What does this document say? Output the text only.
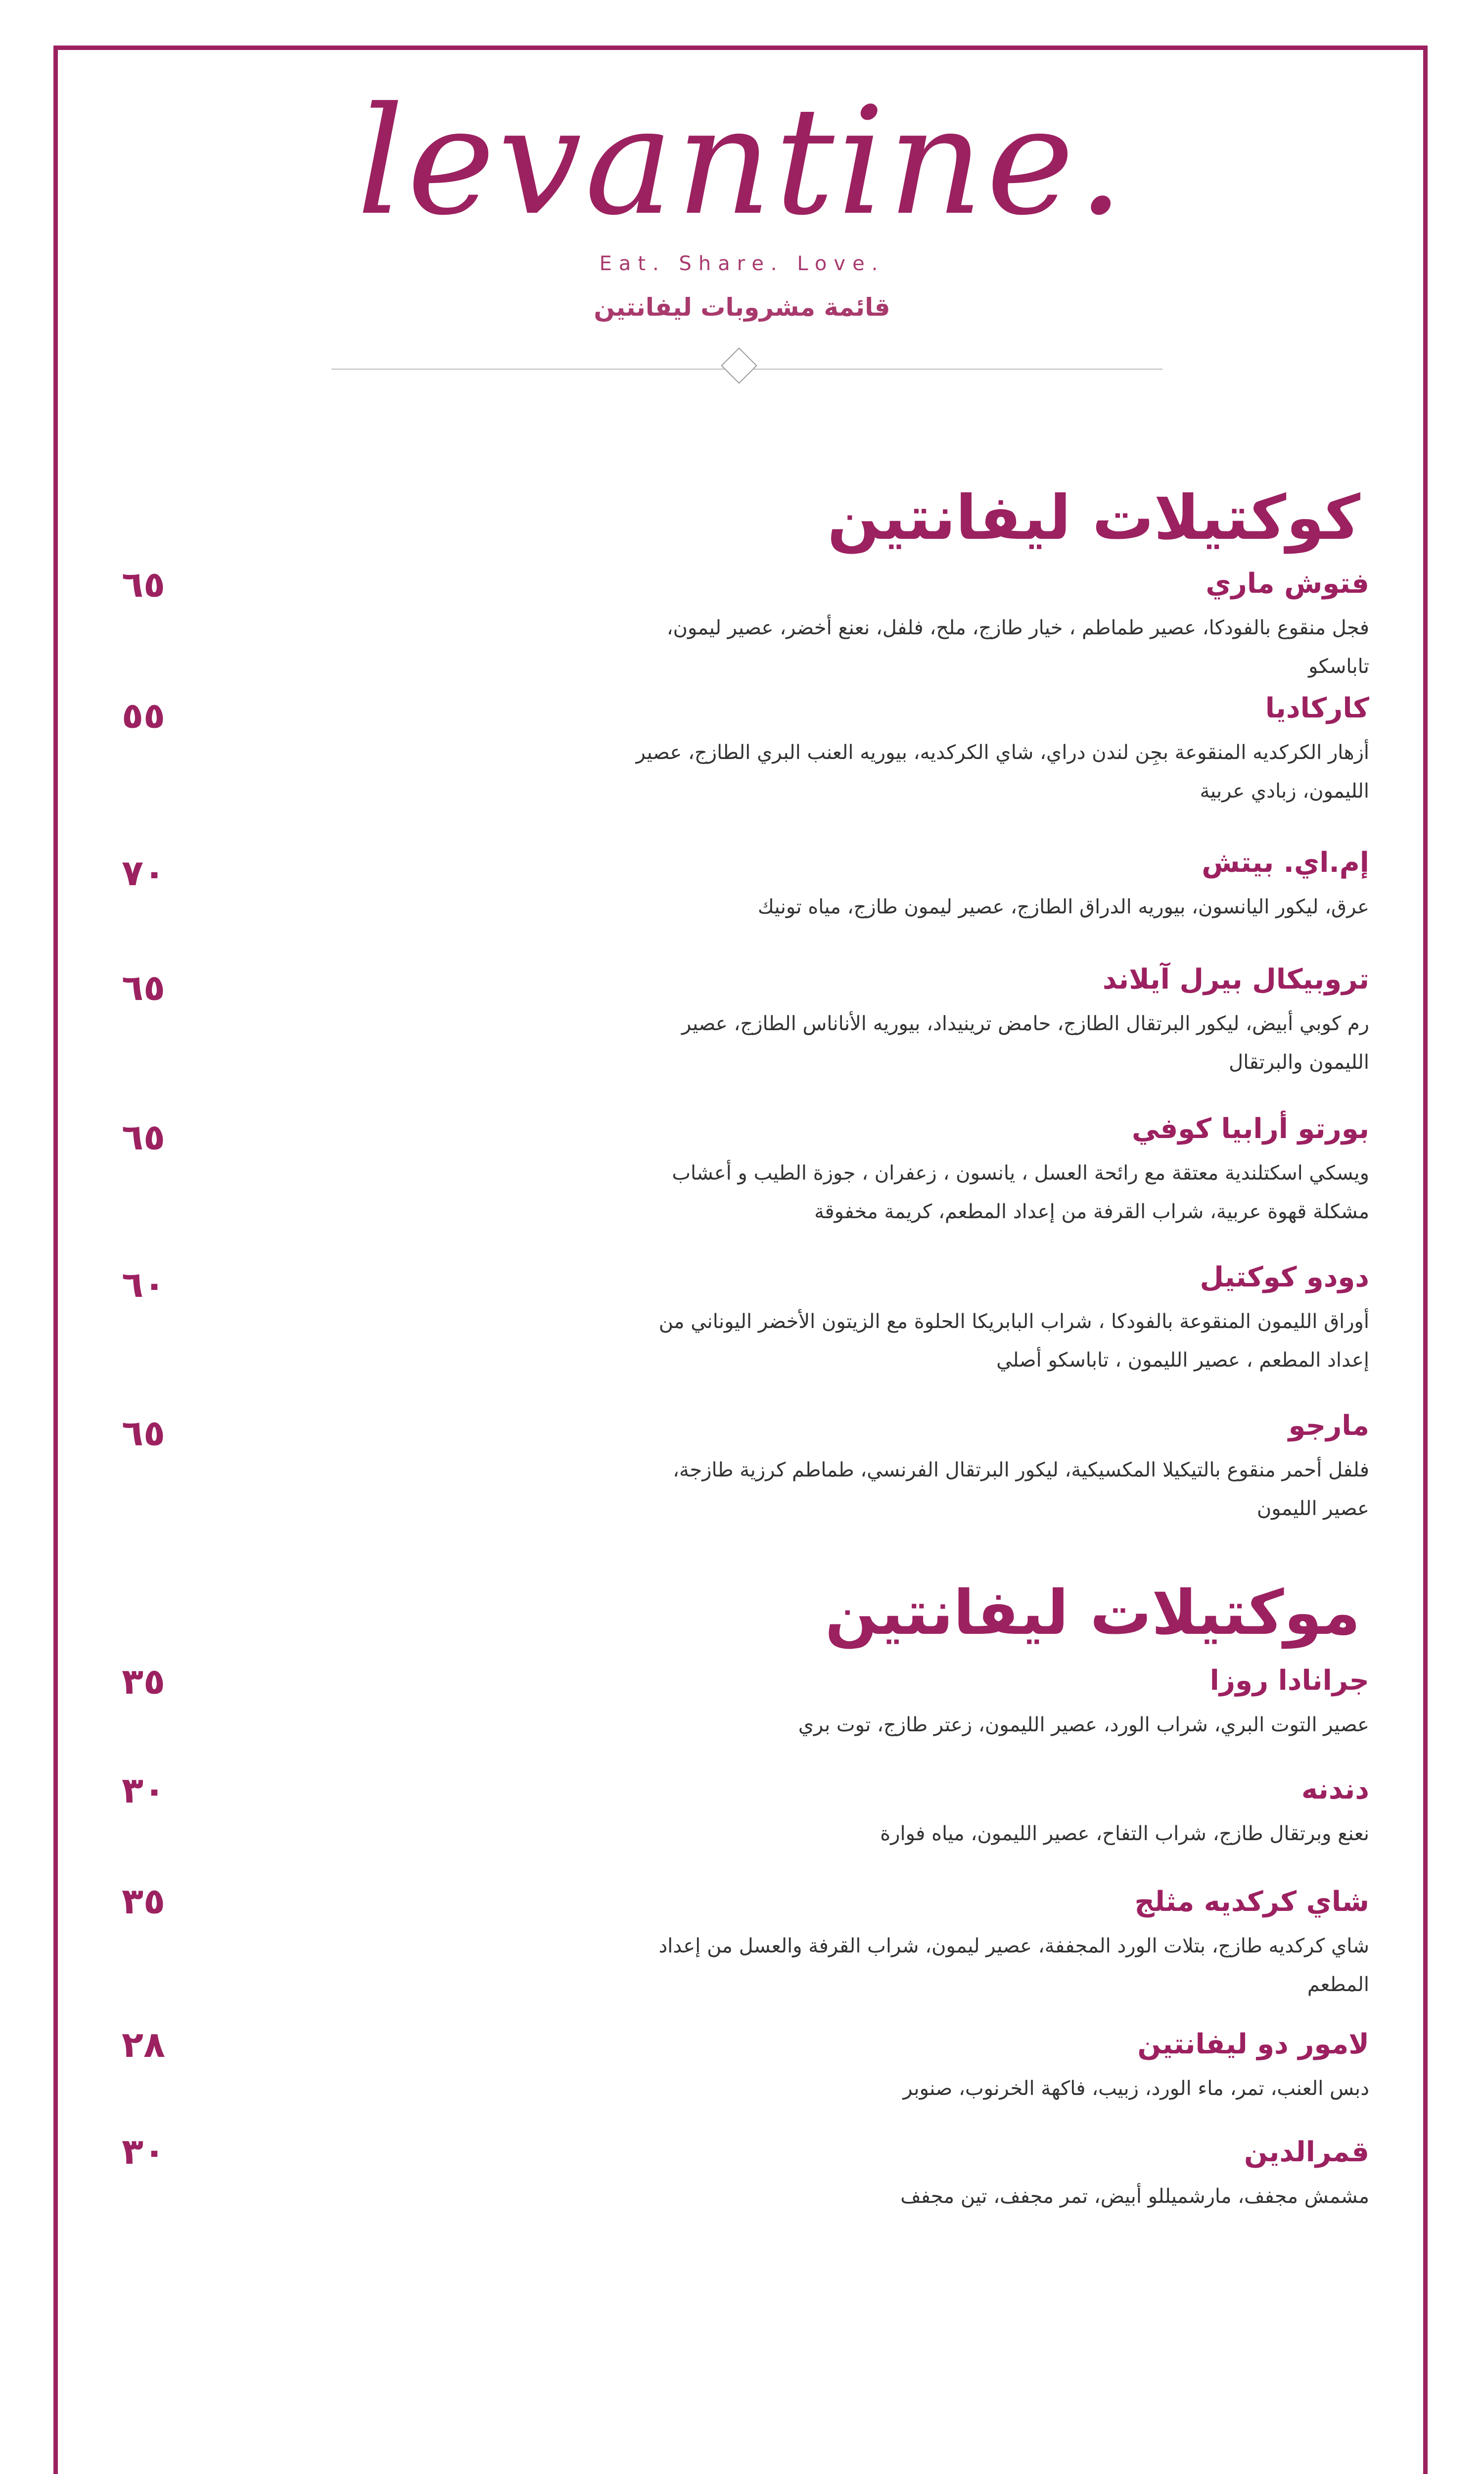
levantine.
Eat. Share. Love.
قائمة مشروبات ليفانتين
كوكتيلات ليفانتين
فتوش ماري
فجل منقوع بالفودكا، عصير طماطم ، خيار طازج، ملح، فلفل، نعنع أخضر، عصير ليمون، تاباسكو
٦٥
كاركاديا
أزهار الكركديه المنقوعة بجِن لندن دراي، شاي الكركديه، بيوريه العنب البري الطازج، عصير الليمون، زبادي عربية
٥٥
إم.اي. بيتش
عرق، ليكور اليانسون، بيوريه الدراق الطازج، عصير ليمون طازج، مياه تونيك
٧٠
تروبيكال بيرل آيلاند
رم كوبي أبيض، ليكور البرتقال الطازج، حامض ترينيداد، بيوريه الأناناس الطازج، عصير الليمون والبرتقال
٦٥
بورتو أرابيا كوفي
ويسكي اسكتلندية معتقة مع رائحة العسل ، يانسون ، زعفران ، جوزة الطيب و أعشاب مشكلة قهوة عربية، شراب القرفة من إعداد المطعم، كريمة مخفوقة
٦٥
دودو كوكتيل
أوراق الليمون المنقوعة بالفودكا ، شراب البابريكا الحلوة مع الزيتون الأخضر اليوناني من إعداد المطعم ، عصير الليمون ، تاباسكو أصلي
٦٠
مارجو
فلفل أحمر منقوع بالتيكيلا المكسيكية، ليكور البرتقال الفرنسي، طماطم كرزية طازجة، عصير الليمون
٦٥
موكتيلات ليفانتين
جرانادا روزا
عصير التوت البري، شراب الورد، عصير الليمون، زعتر طازج، توت بري
٣٥
دندنه
نعنع وبرتقال طازج، شراب التفاح، عصير الليمون، مياه فوارة
٣٠
شاي كركديه مثلج
شاي كركديه طازج، بتلات الورد المجففة، عصير ليمون، شراب القرفة والعسل من إعداد المطعم
٣٥
لامور دو ليفانتين
دبس العنب، تمر، ماء الورد، زبيب، فاكهة الخرنوب، صنوبر
٢٨
قمرالدين
مشمش مجفف، مارشميللو أبيض، تمر مجفف، تين مجفف
٣٠
